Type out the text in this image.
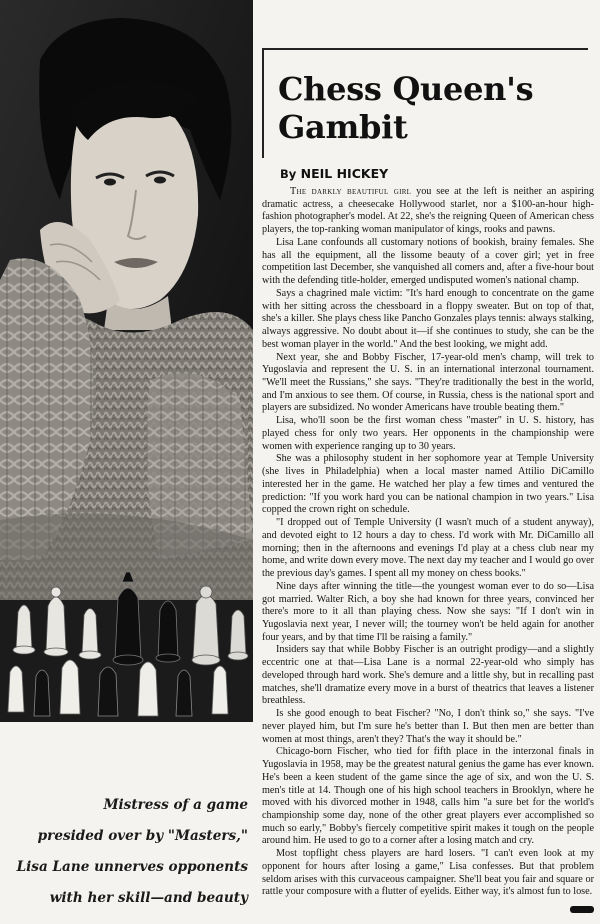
Chess Queen's
Gambit
By NEIL HICKEY

The darkly beautiful girl you see at the left is neither an aspiring dramatic actress, a cheesecake Hollywood starlet, nor a $100-an-hour high-fashion photographer's model. At 22, she's the reigning Queen of American chess players, the top-ranking woman manipulator of kings, rooks and pawns.

Lisa Lane confounds all customary notions of bookish, brainy females. She has all the equipment, all the lissome beauty of a cover girl; yet in free competition last December, she vanquished all comers and, after a five-hour bout with the defending title-holder, emerged undisputed women's national champ.

Says a chagrined male victim: "It's hard enough to concentrate on the game with her sitting across the chessboard in a floppy sweater. But on top of that, she's a killer. She plays chess like Pancho Gonzales plays tennis: always stalking, always aggressive. No doubt about it—if she continues to study, she can be the best woman player in the world." And the best looking, we might add.

Next year, she and Bobby Fischer, 17-year-old men's champ, will trek to Yugoslavia and represent the U. S. in an international interzonal tournament. "We'll meet the Russians," she says. "They're traditionally the best in the world, and I'm anxious to see them. Of course, in Russia, chess is the national sport and players are subsidized. No wonder Americans have trouble beating them."

Lisa, who'll soon be the first woman chess "master" in U. S. history, has played chess for only two years. Her opponents in the championship were women with experience ranging up to 30 years.

She was a philosophy student in her sophomore year at Temple University (she lives in Philadelphia) when a local master named Attilio DiCamillo interested her in the game. He watched her play a few times and ventured the prediction: "If you work hard you can be national champion in two years." Lisa copped the crown right on schedule.

"I dropped out of Temple University (I wasn't much of a student anyway), and devoted eight to 12 hours a day to chess. I'd work with Mr. DiCamillo all morning; then in the afternoons and evenings I'd play at a chess club near my home, and write down every move. The next day my teacher and I would go over the previous day's games. I spent all my money on chess books."

Nine days after winning the title—the youngest woman ever to do so—Lisa got married. Walter Rich, a boy she had known for three years, convinced her there's more to it all than playing chess. Now she says: "If I don't win in Yugoslavia next year, I never will; the tourney won't be held again for another four years, and by that time I'll be raising a family."

Insiders say that while Bobby Fischer is an outright prodigy—and a slightly eccentric one at that—Lisa Lane is a normal 22-year-old who simply has developed through hard work. She's demure and a little shy, but in recalling past matches, she'll dramatize every move in a burst of theatrics that leaves a listener breathless.

Is she good enough to beat Fischer? "No, I don't think so," she says. "I've never played him, but I'm sure he's better than I. But then men are better than women at most things, aren't they? That's the way it should be."

Chicago-born Fischer, who tied for fifth place in the interzonal finals in Yugoslavia in 1958, may be the greatest natural genius the game has ever known. He's been a keen student of the game since the age of six, and won the U. S. men's title at 14. Though one of his high school teachers in Brooklyn, where he moved with his divorced mother in 1948, calls him "a sure bet for the world's championship some day, none of the other great players ever accomplished so much so early," Bobby's fiercely competitive spirit makes it tough on the people around him. He used to go to a corner after a losing match and cry.

Most topflight chess players are hard losers. "I can't even look at my opponent for hours after losing a game," Lisa confesses. But that problem seldom arises with this curvaceous campaigner. She'll beat you fair and square or rattle your composure with a flutter of eyelids. Either way, it's almost fun to lose.

Mistress of a game
presided over by "Masters,"
Lisa Lane unnerves opponents
with her skill—and beauty
